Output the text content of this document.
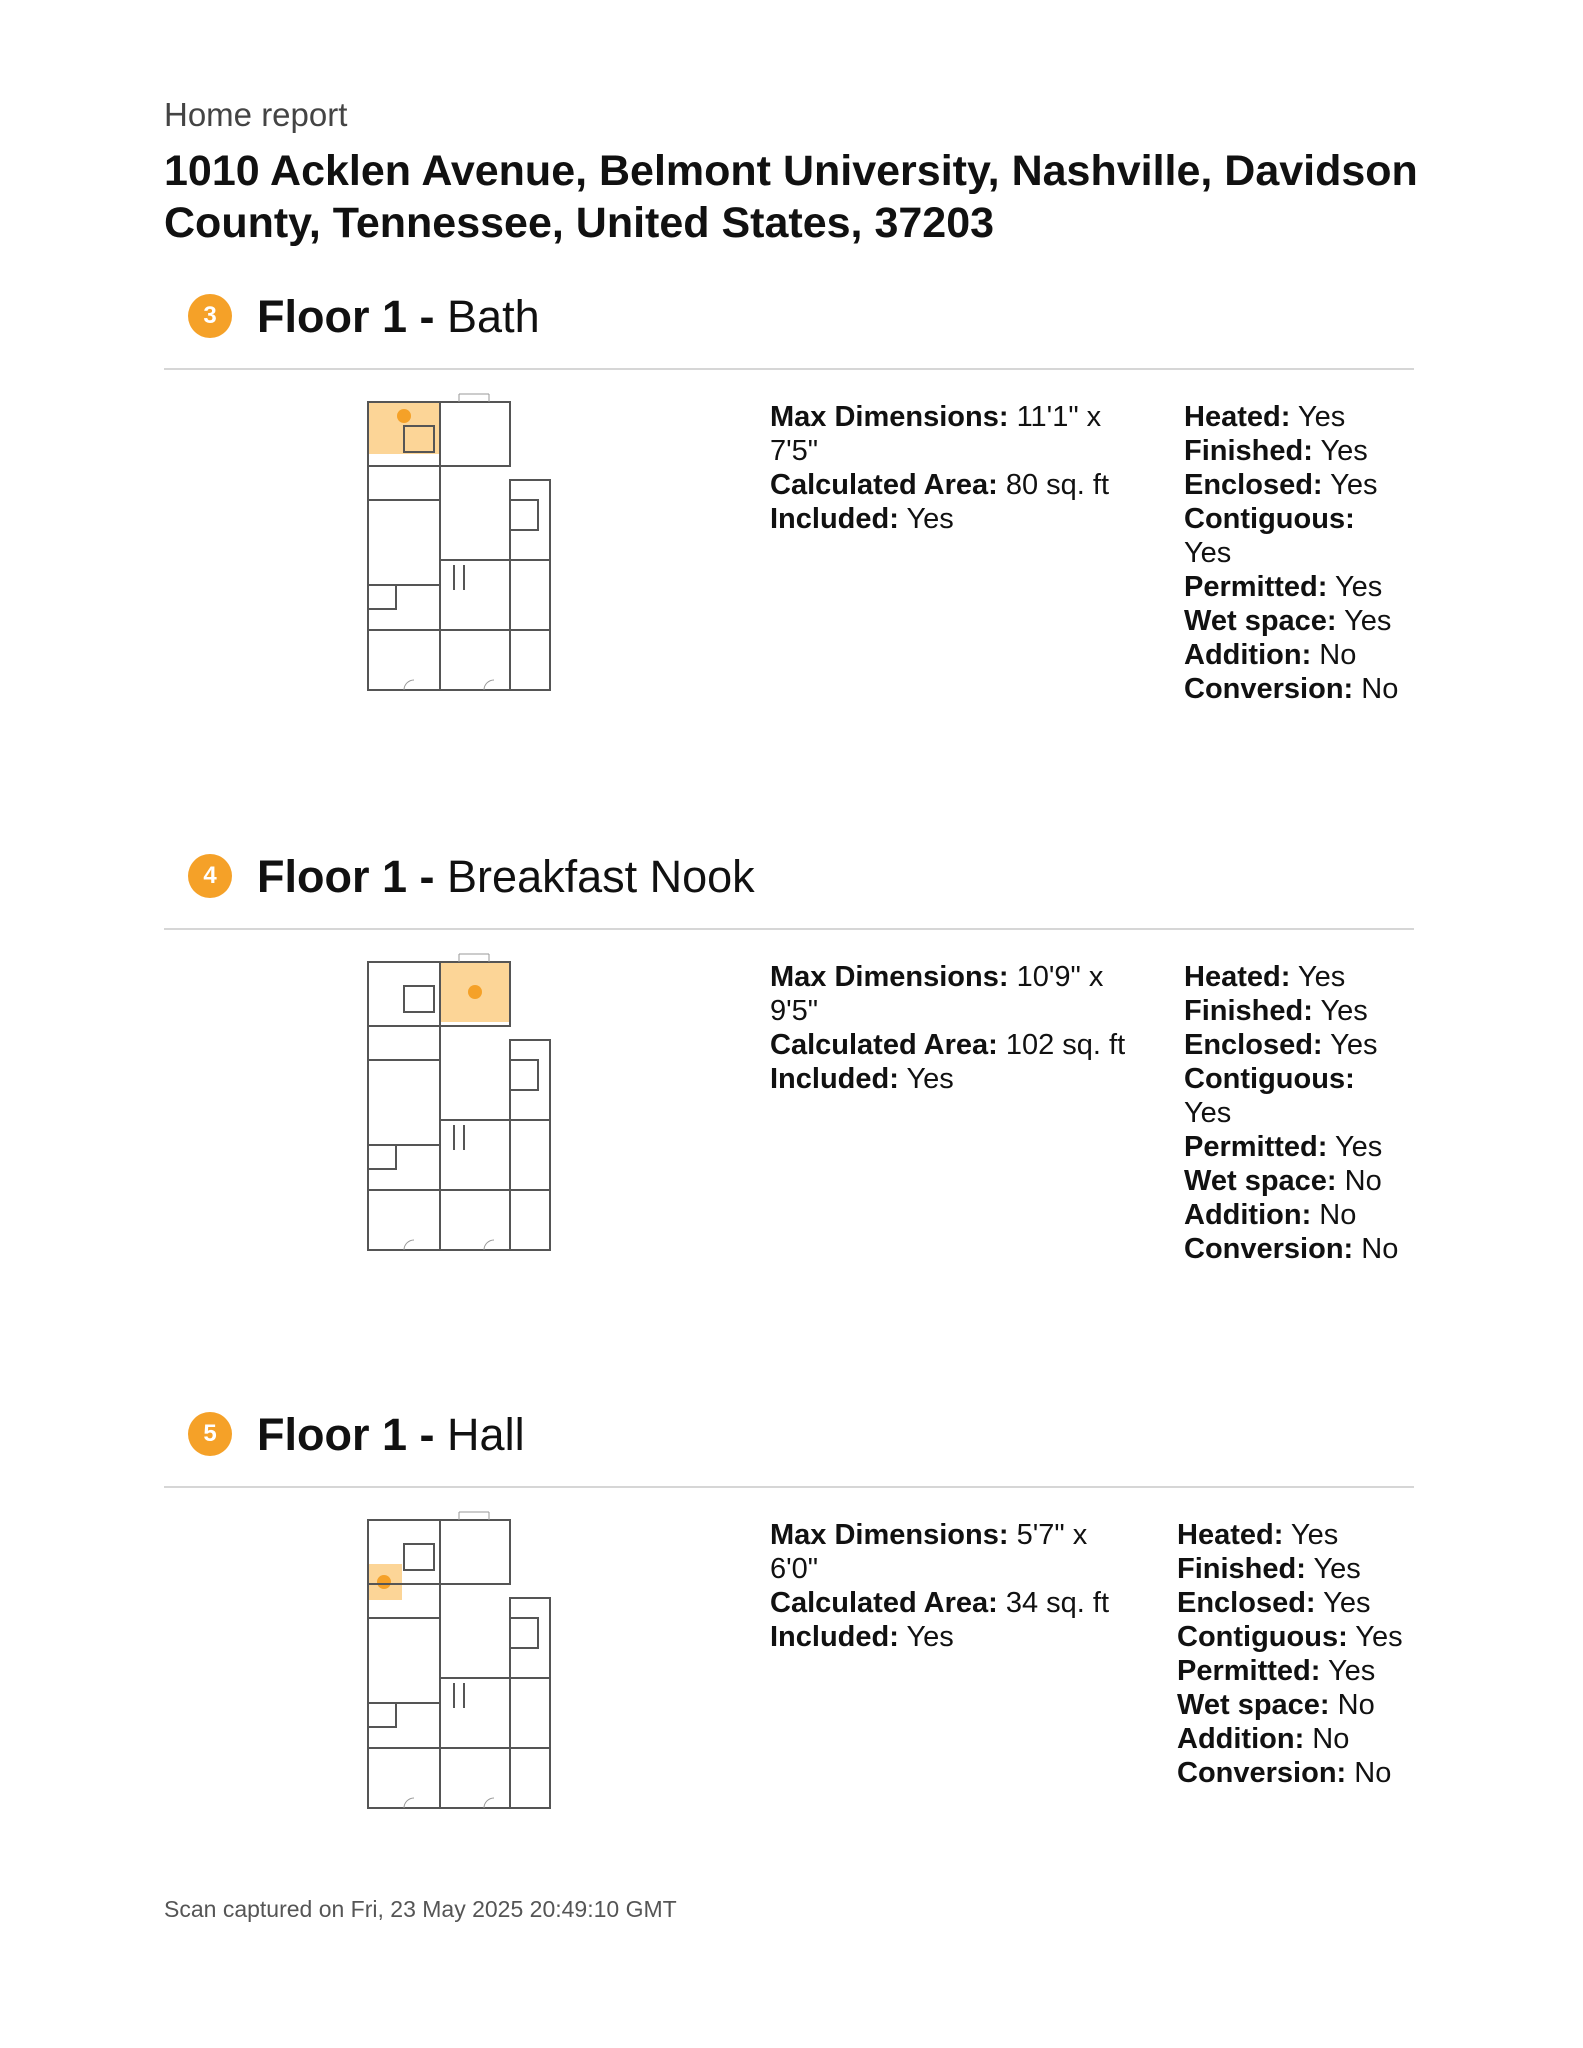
Home report
1010 Acklen Avenue, Belmont University, Nashville, Davidson County, Tennessee, United States, 37203
3 Floor 1 - Bath
Max Dimensions: 11'1" x 7'5"
Calculated Area: 80 sq. ft
Included: Yes
Heated: Yes
Finished: Yes
Enclosed: Yes
Contiguous: Yes
Permitted: Yes
Wet space: Yes
Addition: No
Conversion: No
4 Floor 1 - Breakfast Nook
Max Dimensions: 10'9" x 9'5"
Calculated Area: 102 sq. ft
Included: Yes
Heated: Yes
Finished: Yes
Enclosed: Yes
Contiguous: Yes
Permitted: Yes
Wet space: No
Addition: No
Conversion: No
5 Floor 1 - Hall
Max Dimensions: 5'7" x 6'0"
Calculated Area: 34 sq. ft
Included: Yes
Heated: Yes
Finished: Yes
Enclosed: Yes
Contiguous: Yes
Permitted: Yes
Wet space: No
Addition: No
Conversion: No
Scan captured on Fri, 23 May 2025 20:49:10 GMT
